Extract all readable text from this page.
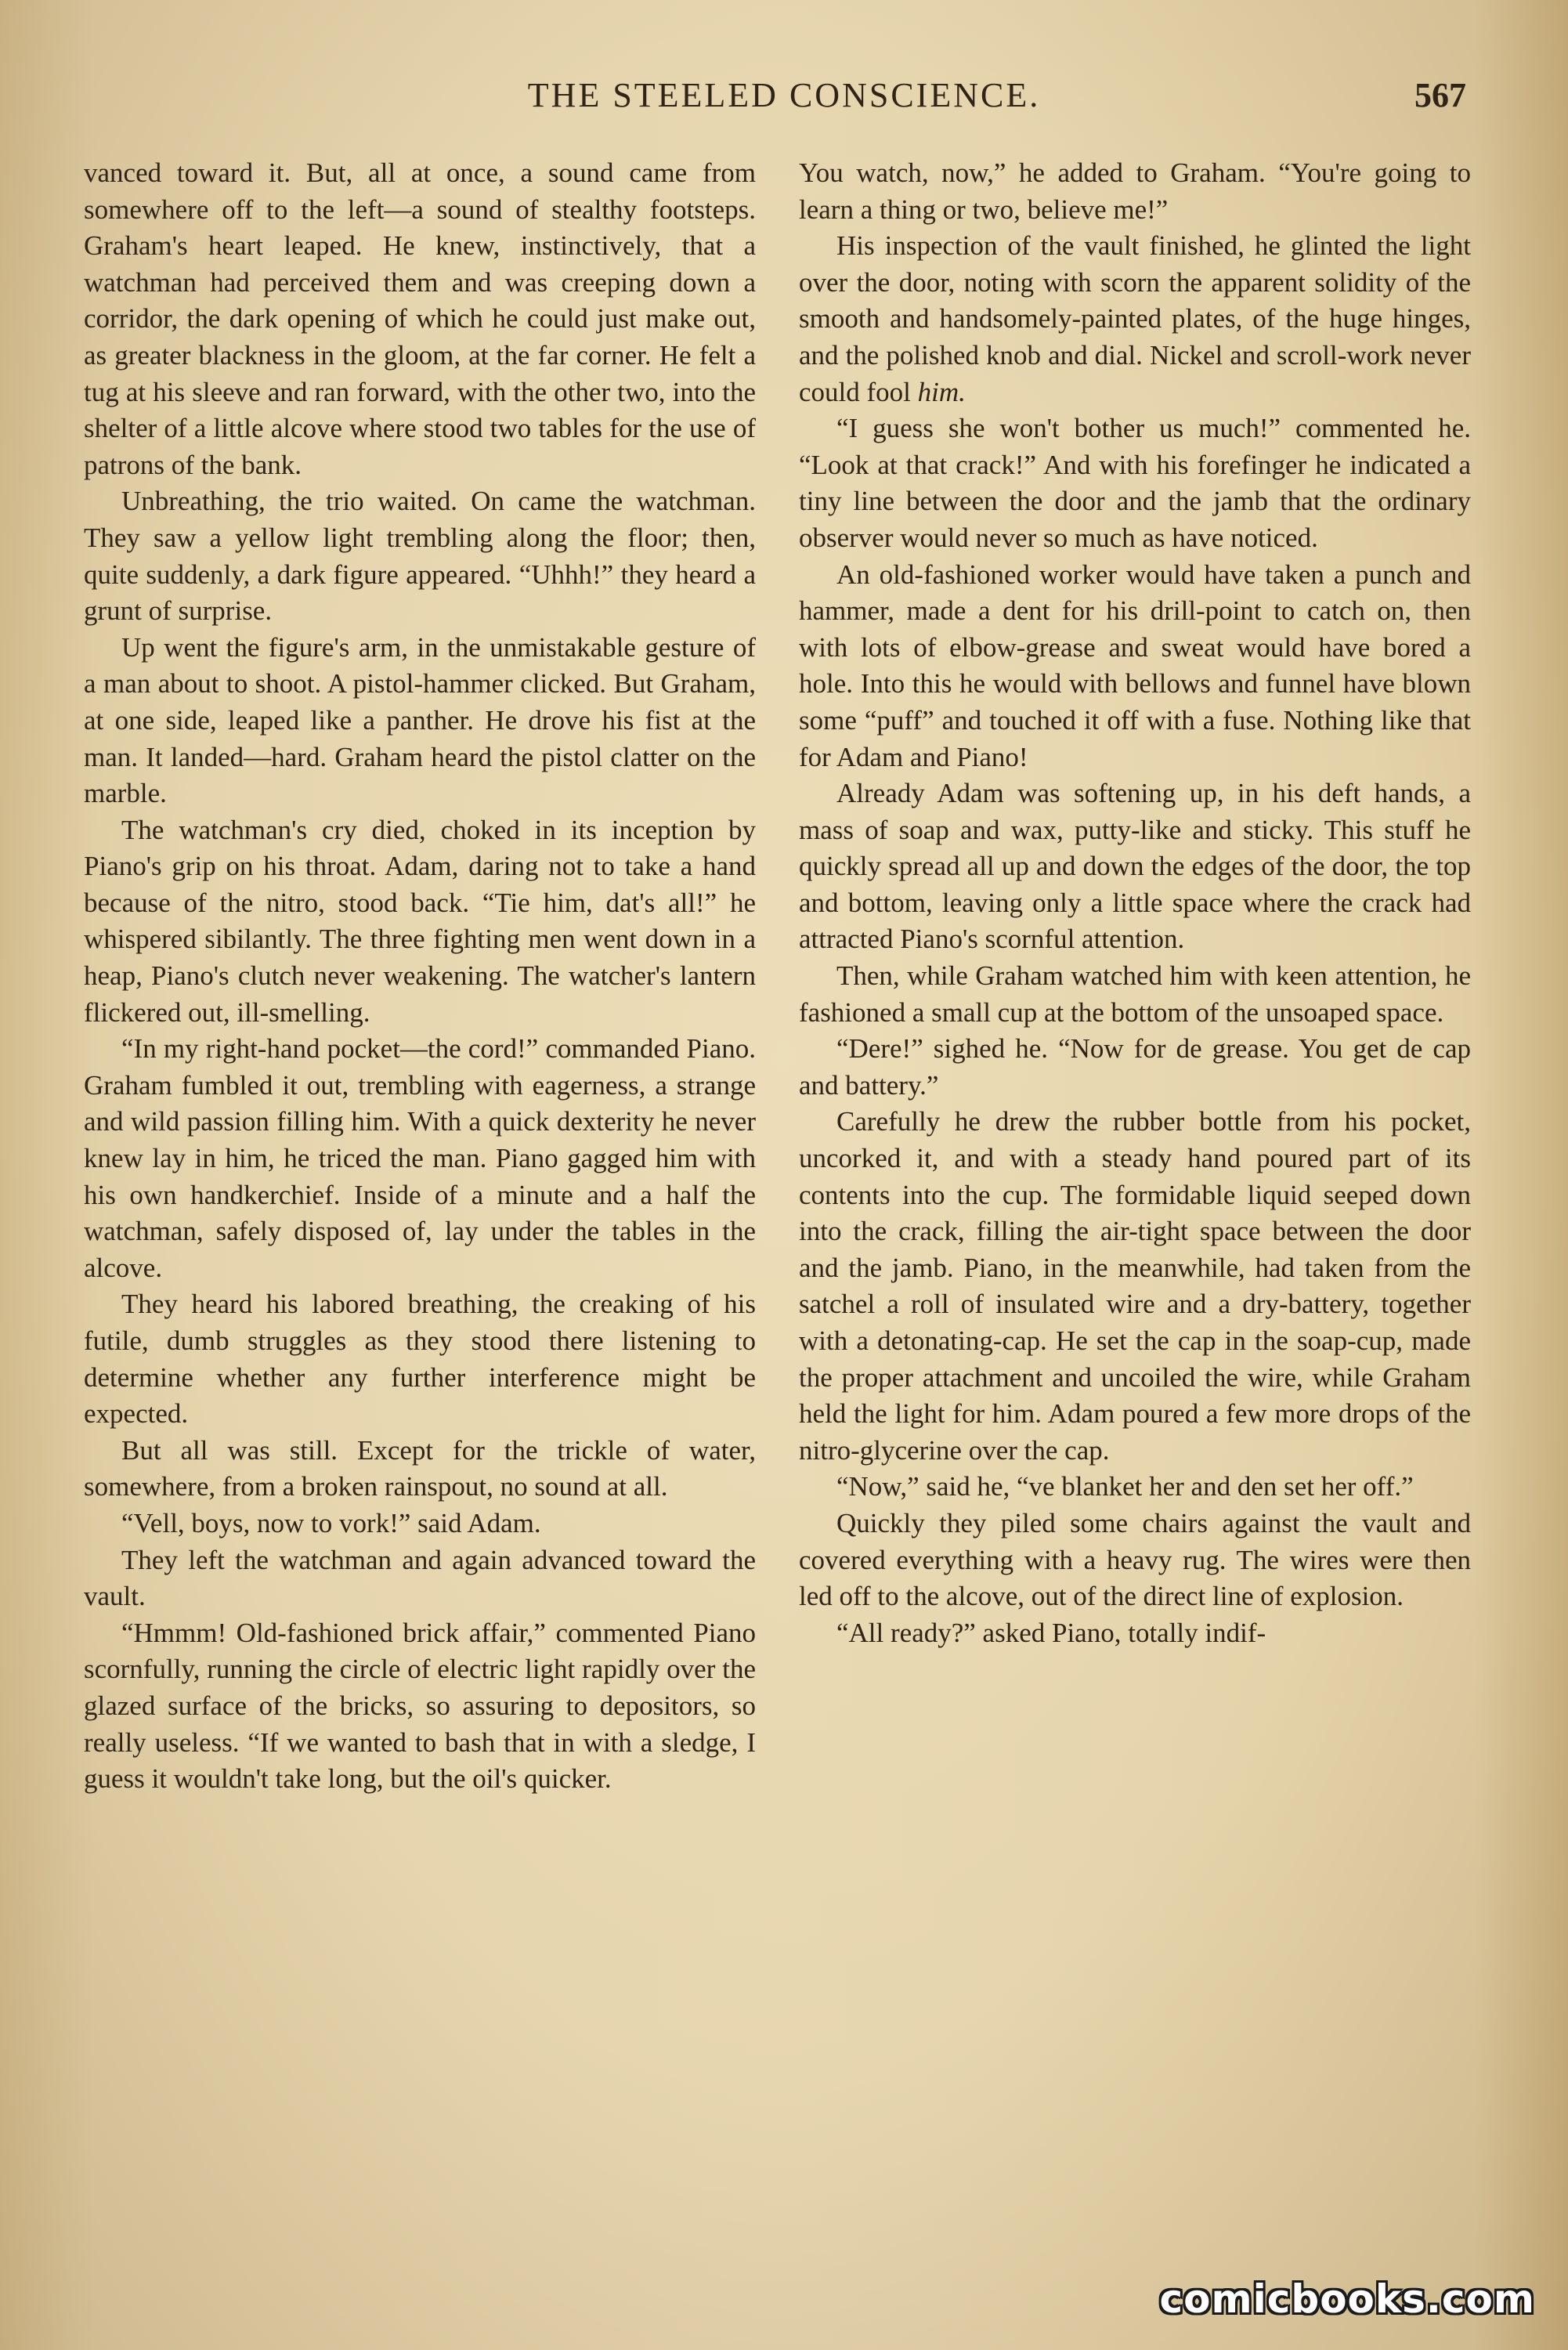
THE STEELED CONSCIENCE.	567

vanced toward it. But, all at once, a sound came from somewhere off to the left—a sound of stealthy footsteps. Graham's heart leaped. He knew, instinctively, that a watchman had perceived them and was creeping down a corridor, the dark opening of which he could just make out, as greater blackness in the gloom, at the far corner. He felt a tug at his sleeve and ran forward, with the other two, into the shelter of a little alcove where stood two tables for the use of patrons of the bank.

Unbreathing, the trio waited. On came the watchman. They saw a yellow light trembling along the floor; then, quite suddenly, a dark figure appeared. “Uhhh!” they heard a grunt of surprise.

Up went the figure's arm, in the unmistakable gesture of a man about to shoot. A pistol-hammer clicked. But Graham, at one side, leaped like a panther. He drove his fist at the man. It landed—hard. Graham heard the pistol clatter on the marble.

The watchman's cry died, choked in its inception by Piano's grip on his throat. Adam, daring not to take a hand because of the nitro, stood back. “Tie him, dat's all!” he whispered sibilantly. The three fighting men went down in a heap, Piano's clutch never weakening. The watcher's lantern flickered out, ill-smelling.

“In my right-hand pocket—the cord!” commanded Piano. Graham fumbled it out, trembling with eagerness, a strange and wild passion filling him. With a quick dexterity he never knew lay in him, he triced the man. Piano gagged him with his own handkerchief. Inside of a minute and a half the watchman, safely disposed of, lay under the tables in the alcove.

They heard his labored breathing, the creaking of his futile, dumb struggles as they stood there listening to determine whether any further interference might be expected.

But all was still. Except for the trickle of water, somewhere, from a broken rainspout, no sound at all.

“Vell, boys, now to vork!” said Adam.

They left the watchman and again advanced toward the vault.

“Hmmm! Old-fashioned brick affair,” commented Piano scornfully, running the circle of electric light rapidly over the glazed surface of the bricks, so assuring to depositors, so really useless. “If we wanted to bash that in with a sledge, I guess it wouldn't take long, but the oil's quicker.

You watch, now,” he added to Graham. “You're going to learn a thing or two, believe me!”

His inspection of the vault finished, he glinted the light over the door, noting with scorn the apparent solidity of the smooth and handsomely-painted plates, of the huge hinges, and the polished knob and dial. Nickel and scroll-work never could fool him.

“I guess she won't bother us much!” commented he. “Look at that crack!” And with his forefinger he indicated a tiny line between the door and the jamb that the ordinary observer would never so much as have noticed.

An old-fashioned worker would have taken a punch and hammer, made a dent for his drill-point to catch on, then with lots of elbow-grease and sweat would have bored a hole. Into this he would with bellows and funnel have blown some “puff” and touched it off with a fuse. Nothing like that for Adam and Piano!

Already Adam was softening up, in his deft hands, a mass of soap and wax, putty-like and sticky. This stuff he quickly spread all up and down the edges of the door, the top and bottom, leaving only a little space where the crack had attracted Piano's scornful attention.

Then, while Graham watched him with keen attention, he fashioned a small cup at the bottom of the unsoaped space.

“Dere!” sighed he. “Now for de grease. You get de cap and battery.”

Carefully he drew the rubber bottle from his pocket, uncorked it, and with a steady hand poured part of its contents into the cup. The formidable liquid seeped down into the crack, filling the air-tight space between the door and the jamb. Piano, in the meanwhile, had taken from the satchel a roll of insulated wire and a dry-battery, together with a detonating-cap. He set the cap in the soap-cup, made the proper attachment and uncoiled the wire, while Graham held the light for him. Adam poured a few more drops of the nitro-glycerine over the cap.

“Now,” said he, “ve blanket her and den set her off.”

Quickly they piled some chairs against the vault and covered everything with a heavy rug. The wires were then led off to the alcove, out of the direct line of explosion.

“All ready?” asked Piano, totally indif-

comicbooks.com
